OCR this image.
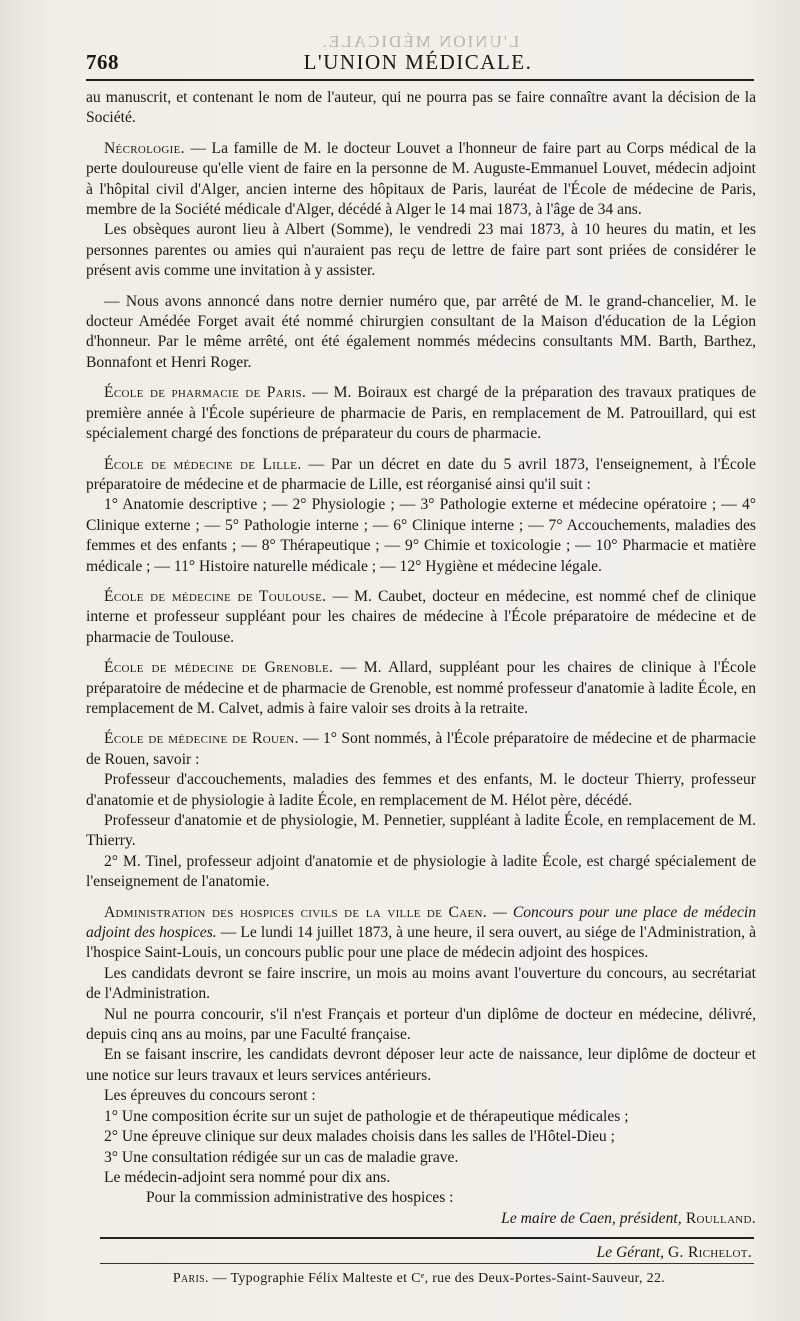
L'UNION MÉDICALE.
768	L'UNION MÉDICALE.

au manuscrit, et contenant le nom de l'auteur, qui ne pourra pas se faire connaître avant la décision de la Société.

Nécrologie. — La famille de M. le docteur Louvet a l'honneur de faire part au Corps médical de la perte douloureuse qu'elle vient de faire en la personne de M. Auguste-Emmanuel Louvet, médecin adjoint à l'hôpital civil d'Alger, ancien interne des hôpitaux de Paris, lauréat de l'École de médecine de Paris, membre de la Société médicale d'Alger, décédé à Alger le 14 mai 1873, à l'âge de 34 ans.

Les obsèques auront lieu à Albert (Somme), le vendredi 23 mai 1873, à 10 heures du matin, et les personnes parentes ou amies qui n'auraient pas reçu de lettre de faire part sont priées de considérer le présent avis comme une invitation à y assister.

— Nous avons annoncé dans notre dernier numéro que, par arrêté de M. le grand-chancelier, M. le docteur Amédée Forget avait été nommé chirurgien consultant de la Maison d'éducation de la Légion d'honneur. Par le même arrêté, ont été également nommés médecins consultants MM. Barth, Barthez, Bonnafont et Henri Roger.

École de pharmacie de Paris. — M. Boiraux est chargé de la préparation des travaux pratiques de première année à l'École supérieure de pharmacie de Paris, en remplacement de M. Patrouillard, qui est spécialement chargé des fonctions de préparateur du cours de pharmacie.

École de médecine de Lille. — Par un décret en date du 5 avril 1873, l'enseignement, à l'École préparatoire de médecine et de pharmacie de Lille, est réorganisé ainsi qu'il suit :

1° Anatomie descriptive ; — 2° Physiologie ; — 3° Pathologie externe et médecine opératoire ; — 4° Clinique externe ; — 5° Pathologie interne ; — 6° Clinique interne ; — 7° Accouchements, maladies des femmes et des enfants ; — 8° Thérapeutique ; — 9° Chimie et toxicologie ; — 10° Pharmacie et matière médicale ; — 11° Histoire naturelle médicale ; — 12° Hygiène et médecine légale.

École de médecine de Toulouse. — M. Caubet, docteur en médecine, est nommé chef de clinique interne et professeur suppléant pour les chaires de médecine à l'École préparatoire de médecine et de pharmacie de Toulouse.

École de médecine de Grenoble. — M. Allard, suppléant pour les chaires de clinique à l'École préparatoire de médecine et de pharmacie de Grenoble, est nommé professeur d'anatomie à ladite École, en remplacement de M. Calvet, admis à faire valoir ses droits à la retraite.

École de médecine de Rouen. — 1° Sont nommés, à l'École préparatoire de médecine et de pharmacie de Rouen, savoir :

Professeur d'accouchements, maladies des femmes et des enfants, M. le docteur Thierry, professeur d'anatomie et de physiologie à ladite École, en remplacement de M. Hélot père, décédé.

Professeur d'anatomie et de physiologie, M. Pennetier, suppléant à ladite École, en remplacement de M. Thierry.

2° M. Tinel, professeur adjoint d'anatomie et de physiologie à ladite École, est chargé spécialement de l'enseignement de l'anatomie.

Administration des hospices civils de la ville de Caen. — Concours pour une place de médecin adjoint des hospices. — Le lundi 14 juillet 1873, à une heure, il sera ouvert, au siége de l'Administration, à l'hospice Saint-Louis, un concours public pour une place de médecin adjoint des hospices.

Les candidats devront se faire inscrire, un mois au moins avant l'ouverture du concours, au secrétariat de l'Administration.

Nul ne pourra concourir, s'il n'est Français et porteur d'un diplôme de docteur en médecine, délivré, depuis cinq ans au moins, par une Faculté française.

En se faisant inscrire, les candidats devront déposer leur acte de naissance, leur diplôme de docteur et une notice sur leurs travaux et leurs services antérieurs.

Les épreuves du concours seront :

1° Une composition écrite sur un sujet de pathologie et de thérapeutique médicales ;

2° Une épreuve clinique sur deux malades choisis dans les salles de l'Hôtel-Dieu ;

3° Une consultation rédigée sur un cas de maladie grave.

Le médecin-adjoint sera nommé pour dix ans.

Pour la commission administrative des hospices :

Le maire de Caen, président, Roulland.

Le Gérant, G. Richelot.
Paris. — Typographie Félix Malteste et Cᵉ, rue des Deux-Portes-Saint-Sauveur, 22.
